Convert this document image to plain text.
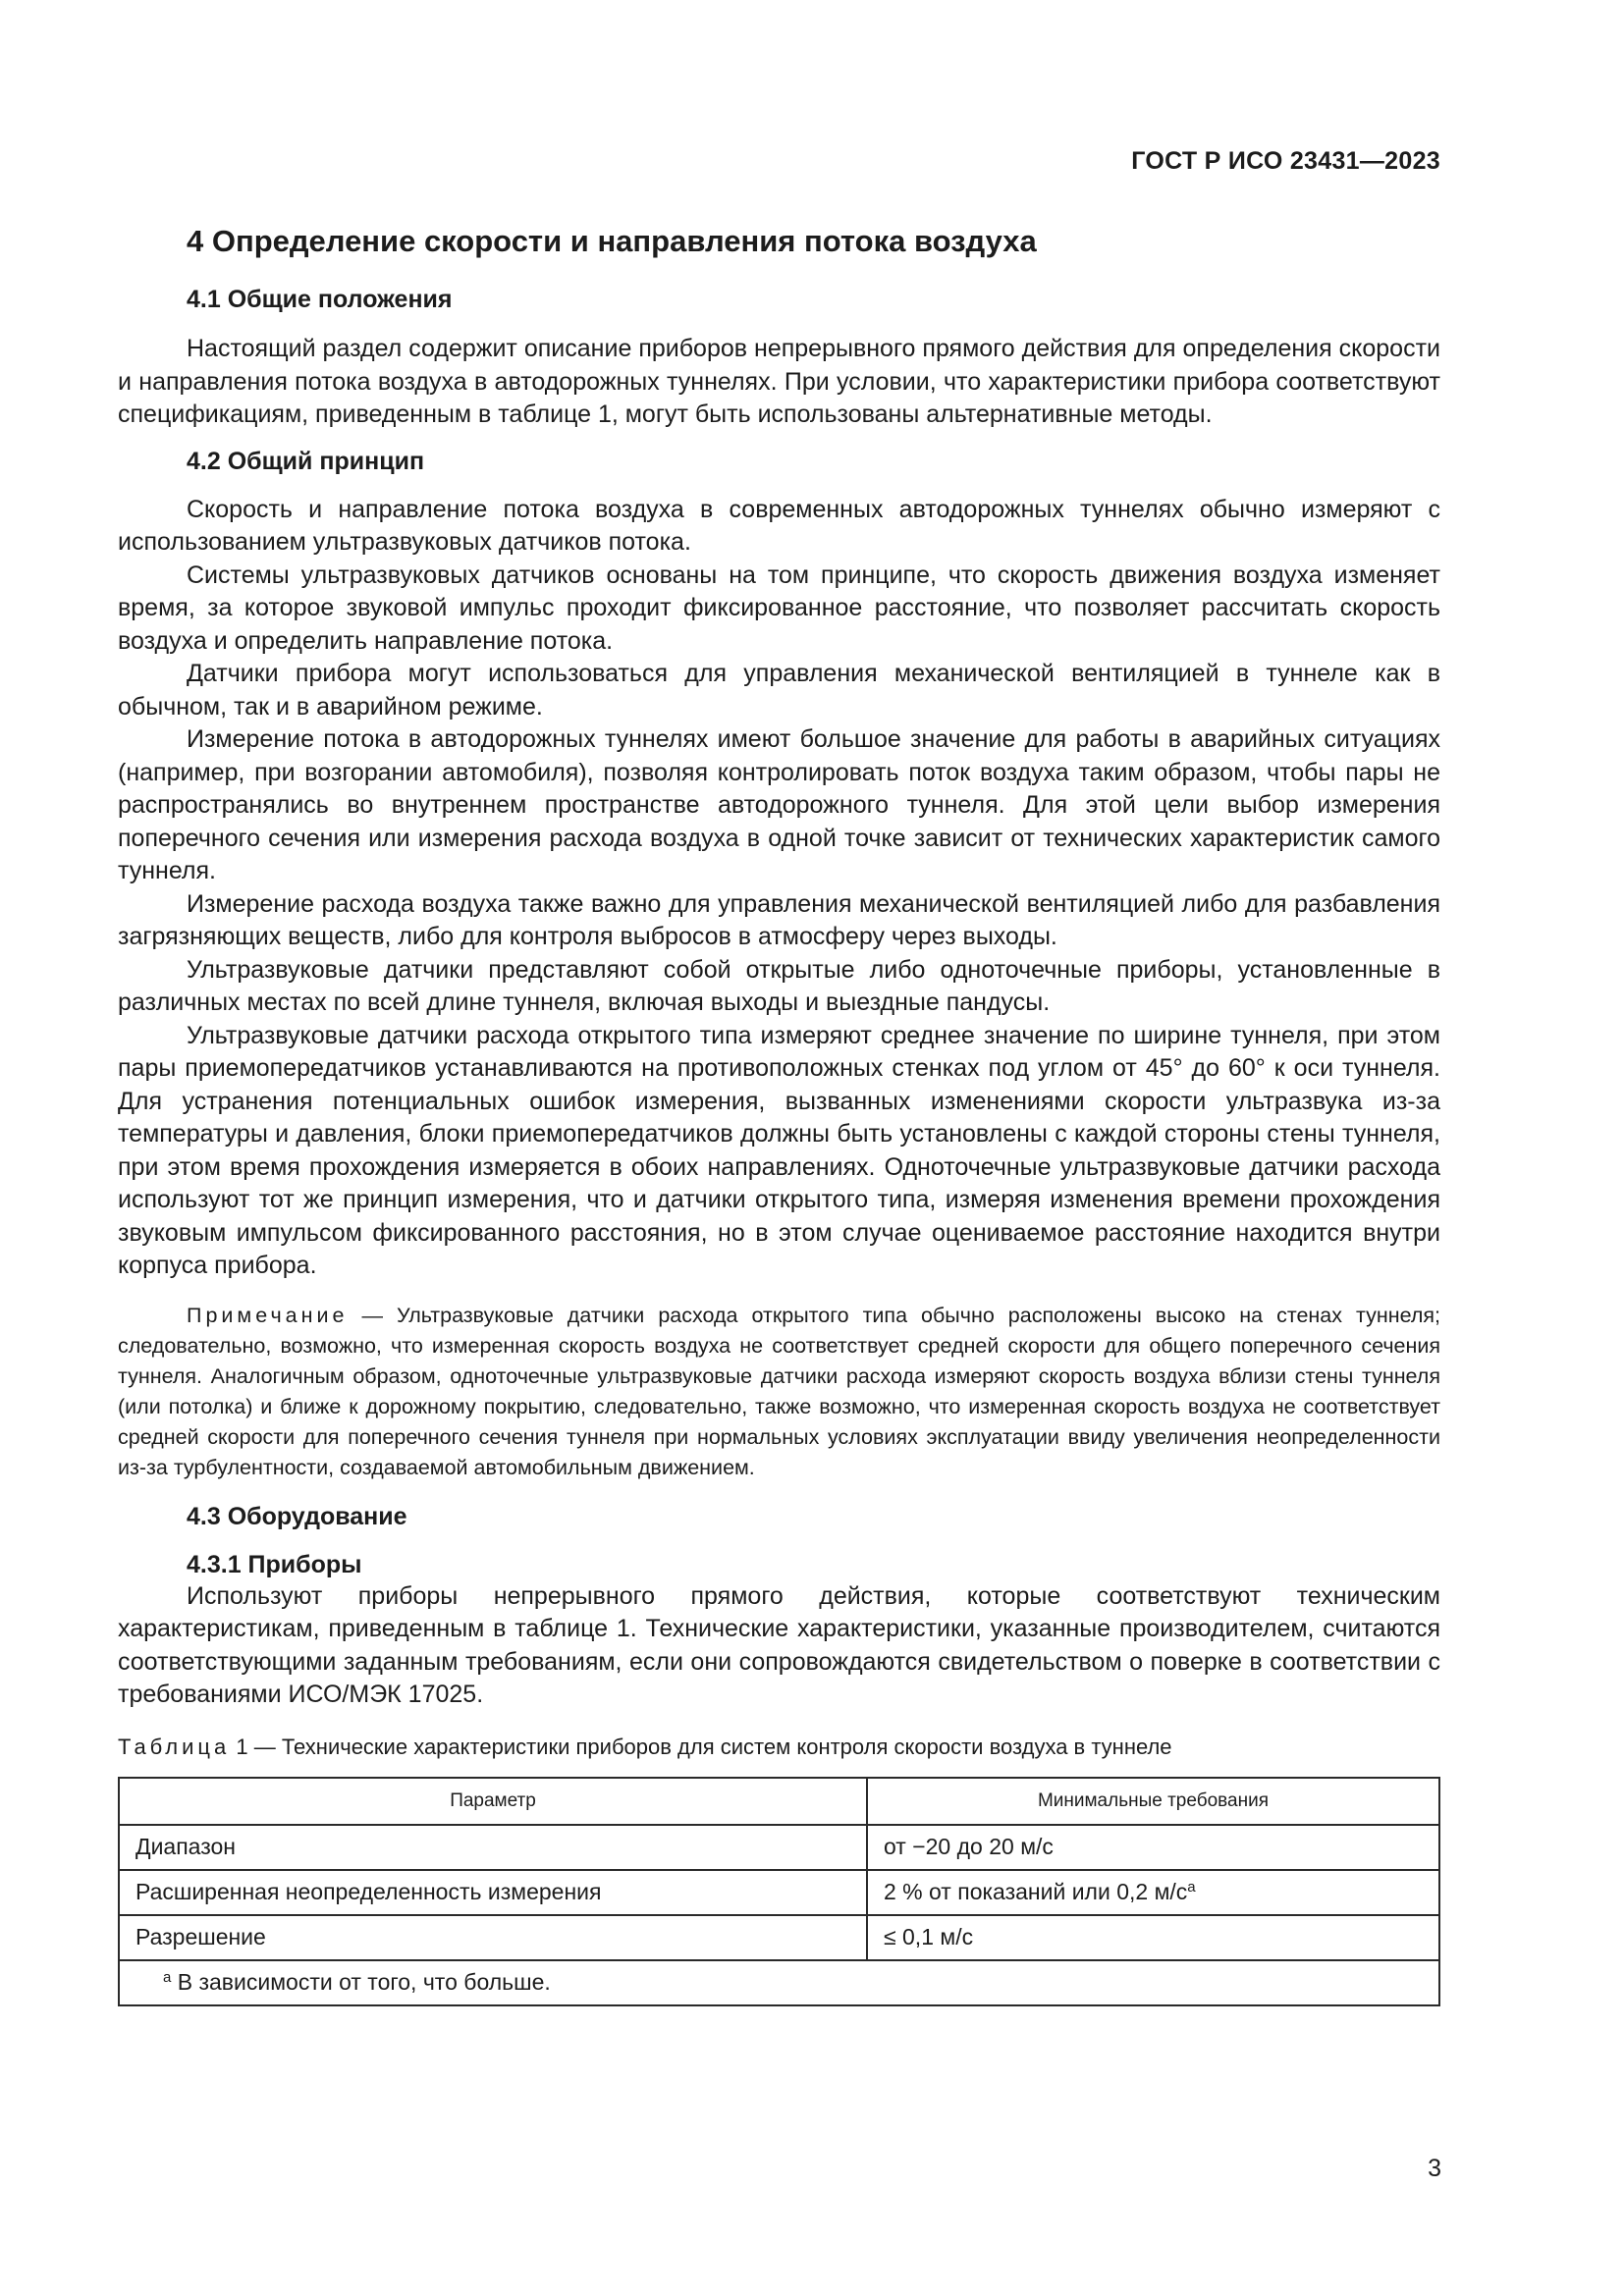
ГОСТ Р ИСО 23431—2023
4 Определение скорости и направления потока воздуха
4.1 Общие положения

Настоящий раздел содержит описание приборов непрерывного прямого действия для определения скорости и направления потока воздуха в автодорожных туннелях. При условии, что характеристики прибора соответствуют спецификациям, приведенным в таблице 1, могут быть использованы альтернативные методы.

4.2 Общий принцип

Скорость и направление потока воздуха в современных автодорожных туннелях обычно измеряют с использованием ультразвуковых датчиков потока.

Системы ультразвуковых датчиков основаны на том принципе, что скорость движения воздуха изменяет время, за которое звуковой импульс проходит фиксированное расстояние, что позволяет рассчитать скорость воздуха и определить направление потока.

Датчики прибора могут использоваться для управления механической вентиляцией в туннеле как в обычном, так и в аварийном режиме.

Измерение потока в автодорожных туннелях имеют большое значение для работы в аварийных ситуациях (например, при возгорании автомобиля), позволяя контролировать поток воздуха таким образом, чтобы пары не распространялись во внутреннем пространстве автодорожного туннеля. Для этой цели выбор измерения поперечного сечения или измерения расхода воздуха в одной точке зависит от технических характеристик самого туннеля.

Измерение расхода воздуха также важно для управления механической вентиляцией либо для разбавления загрязняющих веществ, либо для контроля выбросов в атмосферу через выходы.

Ультразвуковые датчики представляют собой открытые либо одноточечные приборы, установленные в различных местах по всей длине туннеля, включая выходы и выездные пандусы.

Ультразвуковые датчики расхода открытого типа измеряют среднее значение по ширине туннеля, при этом пары приемопередатчиков устанавливаются на противоположных стенках под углом от 45° до 60° к оси туннеля. Для устранения потенциальных ошибок измерения, вызванных изменениями скорости ультразвука из-за температуры и давления, блоки приемопередатчиков должны быть установлены с каждой стороны стены туннеля, при этом время прохождения измеряется в обоих направлениях. Одноточечные ультразвуковые датчики расхода используют тот же принцип измерения, что и датчики открытого типа, измеряя изменения времени прохождения звуковым импульсом фиксированного расстояния, но в этом случае оцениваемое расстояние находится внутри корпуса прибора.

Примечание — Ультразвуковые датчики расхода открытого типа обычно расположены высоко на стенах туннеля; следовательно, возможно, что измеренная скорость воздуха не соответствует средней скорости для общего поперечного сечения туннеля. Аналогичным образом, одноточечные ультразвуковые датчики расхода измеряют скорость воздуха вблизи стены туннеля (или потолка) и ближе к дорожному покрытию, следовательно, также возможно, что измеренная скорость воздуха не соответствует средней скорости для поперечного сечения туннеля при нормальных условиях эксплуатации ввиду увеличения неопределенности из-за турбулентности, создаваемой автомобильным движением.

4.3 Оборудование
4.3.1 Приборы

Используют приборы непрерывного прямого действия, которые соответствуют техническим характеристикам, приведенным в таблице 1. Технические характеристики, указанные производителем, считаются соответствующими заданным требованиям, если они сопровождаются свидетельством о поверке в соответствии с требованиями ИСО/МЭК 17025.

Таблица 1 — Технические характеристики приборов для систем контроля скорости воздуха в туннеле
Параметр	Минимальные требования
Диапазон	от −20 до 20 м/с
Расширенная неопределенность измерения	2 % от показаний или 0,2 $м/с^а$
Разрешение	≤ 0,1 м/с
$^а$ В зависимости от того, что больше.	
3
